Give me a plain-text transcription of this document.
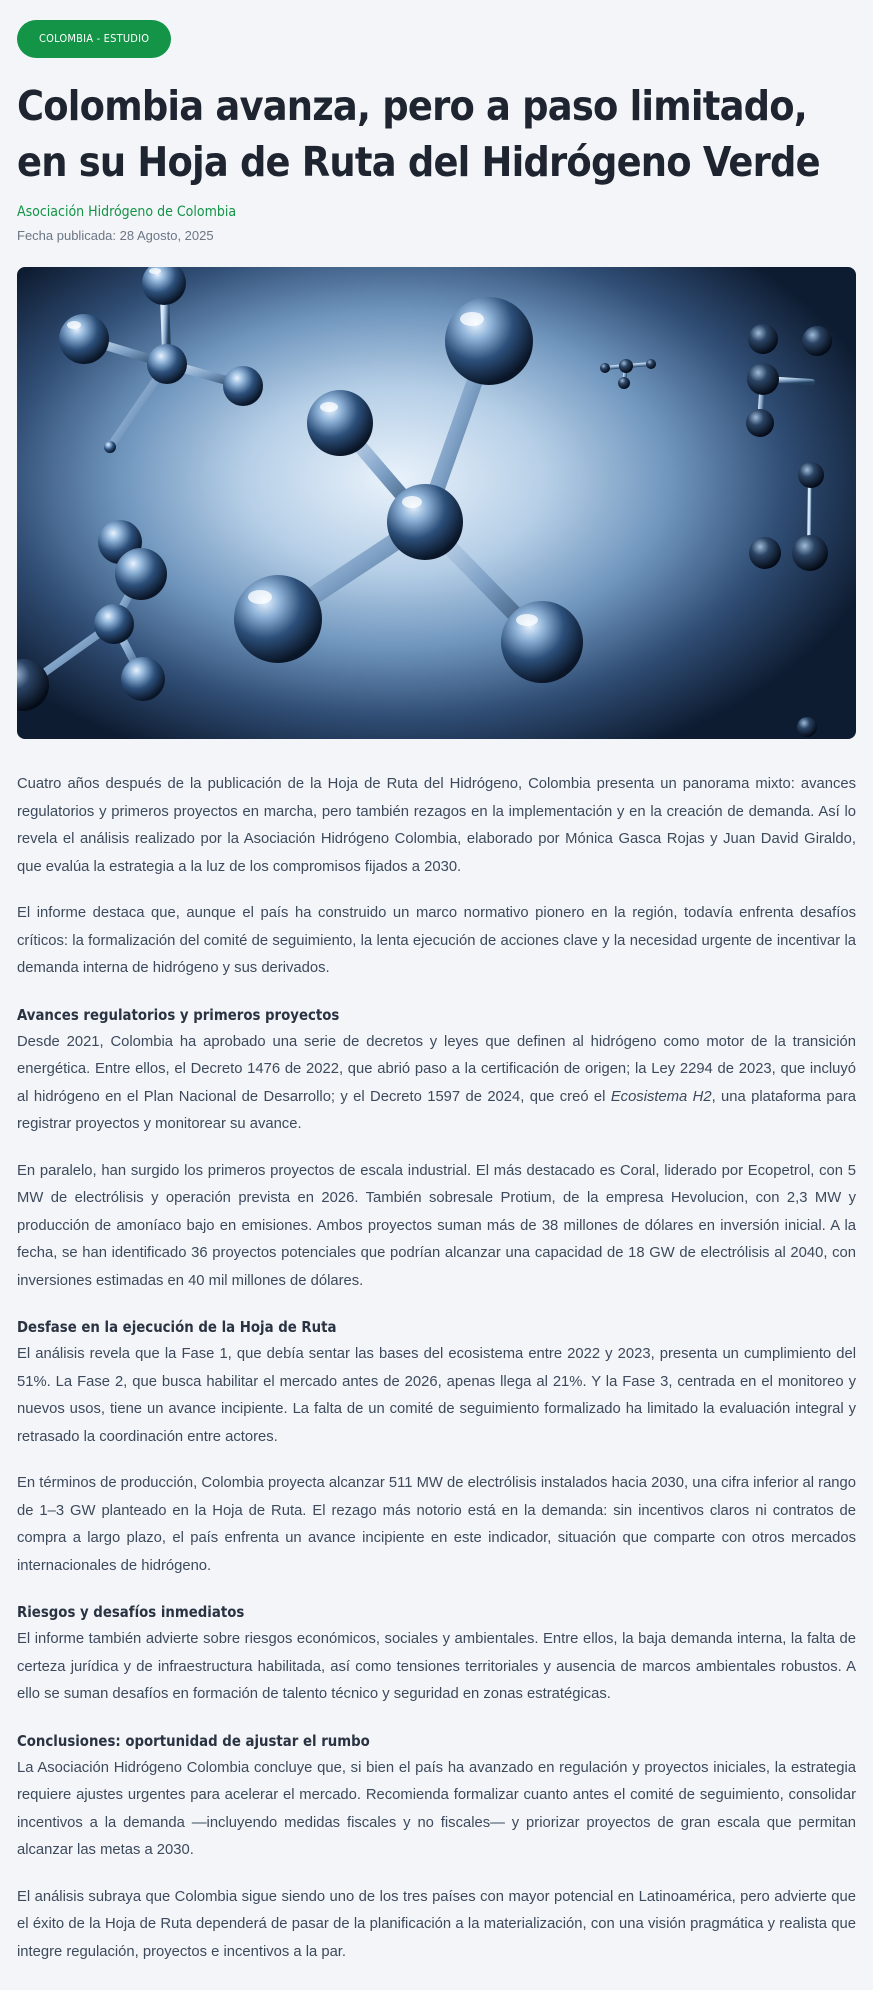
COLOMBIA - ESTUDIO
Colombia avanza, pero a paso limitado, en su Hoja de Ruta del Hidrógeno Verde
Asociación Hidrógeno de Colombia
Fecha publicada: 28 Agosto, 2025

Cuatro años después de la publicación de la Hoja de Ruta del Hidrógeno, Colombia presenta un panorama mixto: avances regulatorios y primeros proyectos en marcha, pero también rezagos en la implementación y en la creación de demanda. Así lo revela el análisis realizado por la Asociación Hidrógeno Colombia, elaborado por Mónica Gasca Rojas y Juan David Giraldo, que evalúa la estrategia a la luz de los compromisos fijados a 2030.

El informe destaca que, aunque el país ha construido un marco normativo pionero en la región, todavía enfrenta desafíos críticos: la formalización del comité de seguimiento, la lenta ejecución de acciones clave y la necesidad urgente de incentivar la demanda interna de hidrógeno y sus derivados.

Avances regulatorios y primeros proyectos

Desde 2021, Colombia ha aprobado una serie de decretos y leyes que definen al hidrógeno como motor de la transición energética. Entre ellos, el Decreto 1476 de 2022, que abrió paso a la certificación de origen; la Ley 2294 de 2023, que incluyó al hidrógeno en el Plan Nacional de Desarrollo; y el Decreto 1597 de 2024, que creó el Ecosistema H2, una plataforma para registrar proyectos y monitorear su avance.

En paralelo, han surgido los primeros proyectos de escala industrial. El más destacado es Coral, liderado por Ecopetrol, con 5 MW de electrólisis y operación prevista en 2026. También sobresale Protium, de la empresa Hevolucion, con 2,3 MW y producción de amoníaco bajo en emisiones. Ambos proyectos suman más de 38 millones de dólares en inversión inicial. A la fecha, se han identificado 36 proyectos potenciales que podrían alcanzar una capacidad de 18 GW de electrólisis al 2040, con inversiones estimadas en 40 mil millones de dólares.

Desfase en la ejecución de la Hoja de Ruta

El análisis revela que la Fase 1, que debía sentar las bases del ecosistema entre 2022 y 2023, presenta un cumplimiento del 51%. La Fase 2, que busca habilitar el mercado antes de 2026, apenas llega al 21%. Y la Fase 3, centrada en el monitoreo y nuevos usos, tiene un avance incipiente. La falta de un comité de seguimiento formalizado ha limitado la evaluación integral y retrasado la coordinación entre actores.

En términos de producción, Colombia proyecta alcanzar 511 MW de electrólisis instalados hacia 2030, una cifra inferior al rango de 1–3 GW planteado en la Hoja de Ruta. El rezago más notorio está en la demanda: sin incentivos claros ni contratos de compra a largo plazo, el país enfrenta un avance incipiente en este indicador, situación que comparte con otros mercados internacionales de hidrógeno.

Riesgos y desafíos inmediatos

El informe también advierte sobre riesgos económicos, sociales y ambientales. Entre ellos, la baja demanda interna, la falta de certeza jurídica y de infraestructura habilitada, así como tensiones territoriales y ausencia de marcos ambientales robustos. A ello se suman desafíos en formación de talento técnico y seguridad en zonas estratégicas.

Conclusiones: oportunidad de ajustar el rumbo

La Asociación Hidrógeno Colombia concluye que, si bien el país ha avanzado en regulación y proyectos iniciales, la estrategia requiere ajustes urgentes para acelerar el mercado. Recomienda formalizar cuanto antes el comité de seguimiento, consolidar incentivos a la demanda —incluyendo medidas fiscales y no fiscales— y priorizar proyectos de gran escala que permitan alcanzar las metas a 2030.

El análisis subraya que Colombia sigue siendo uno de los tres países con mayor potencial en Latinoamérica, pero advierte que el éxito de la Hoja de Ruta dependerá de pasar de la planificación a la materialización, con una visión pragmática y realista que integre regulación, proyectos e incentivos a la par.
